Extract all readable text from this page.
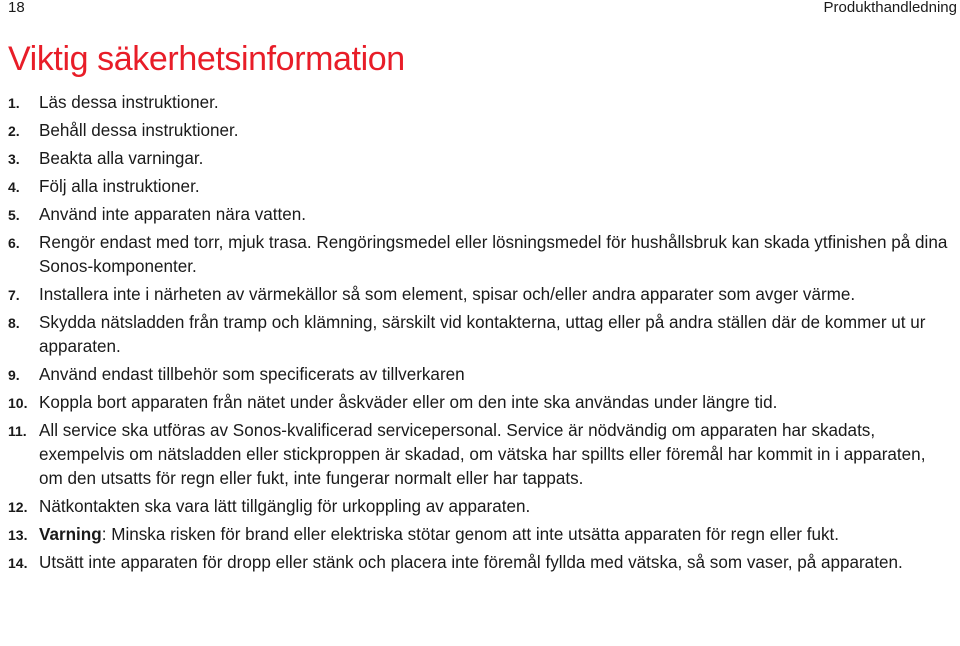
18	Produkthandledning
Viktig säkerhetsinformation
1.	Läs dessa instruktioner.
2.	Behåll dessa instruktioner.
3.	Beakta alla varningar.
4.	Följ alla instruktioner.
5.	Använd inte apparaten nära vatten.
6.	Rengör endast med torr, mjuk trasa. Rengöringsmedel eller lösningsmedel för hushållsbruk kan skada ytfinishen på dina Sonos-komponenter.
7.	Installera inte i närheten av värmekällor så som element, spisar och/eller andra apparater som avger värme.
8.	Skydda nätsladden från tramp och klämning, särskilt vid kontakterna, uttag eller på andra ställen där de kommer ut ur apparaten.
9.	Använd endast tillbehör som specificerats av tillverkaren
10. Koppla bort apparaten från nätet under åskväder eller om den inte ska användas under längre tid.
11. All service ska utföras av Sonos-kvalificerad servicepersonal. Service är nödvändig om apparaten har skadats, exempelvis om nätsladden eller stickproppen är skadad, om vätska har spillts eller föremål har kommit in i apparaten, om den utsatts för regn eller fukt, inte fungerar normalt eller har tappats.
12. Nätkontakten ska vara lätt tillgänglig för urkoppling av apparaten.
13. Varning: Minska risken för brand eller elektriska stötar genom att inte utsätta apparaten för regn eller fukt.
14. Utsätt inte apparaten för dropp eller stänk och placera inte föremål fyllda med vätska, så som vaser, på apparaten.
